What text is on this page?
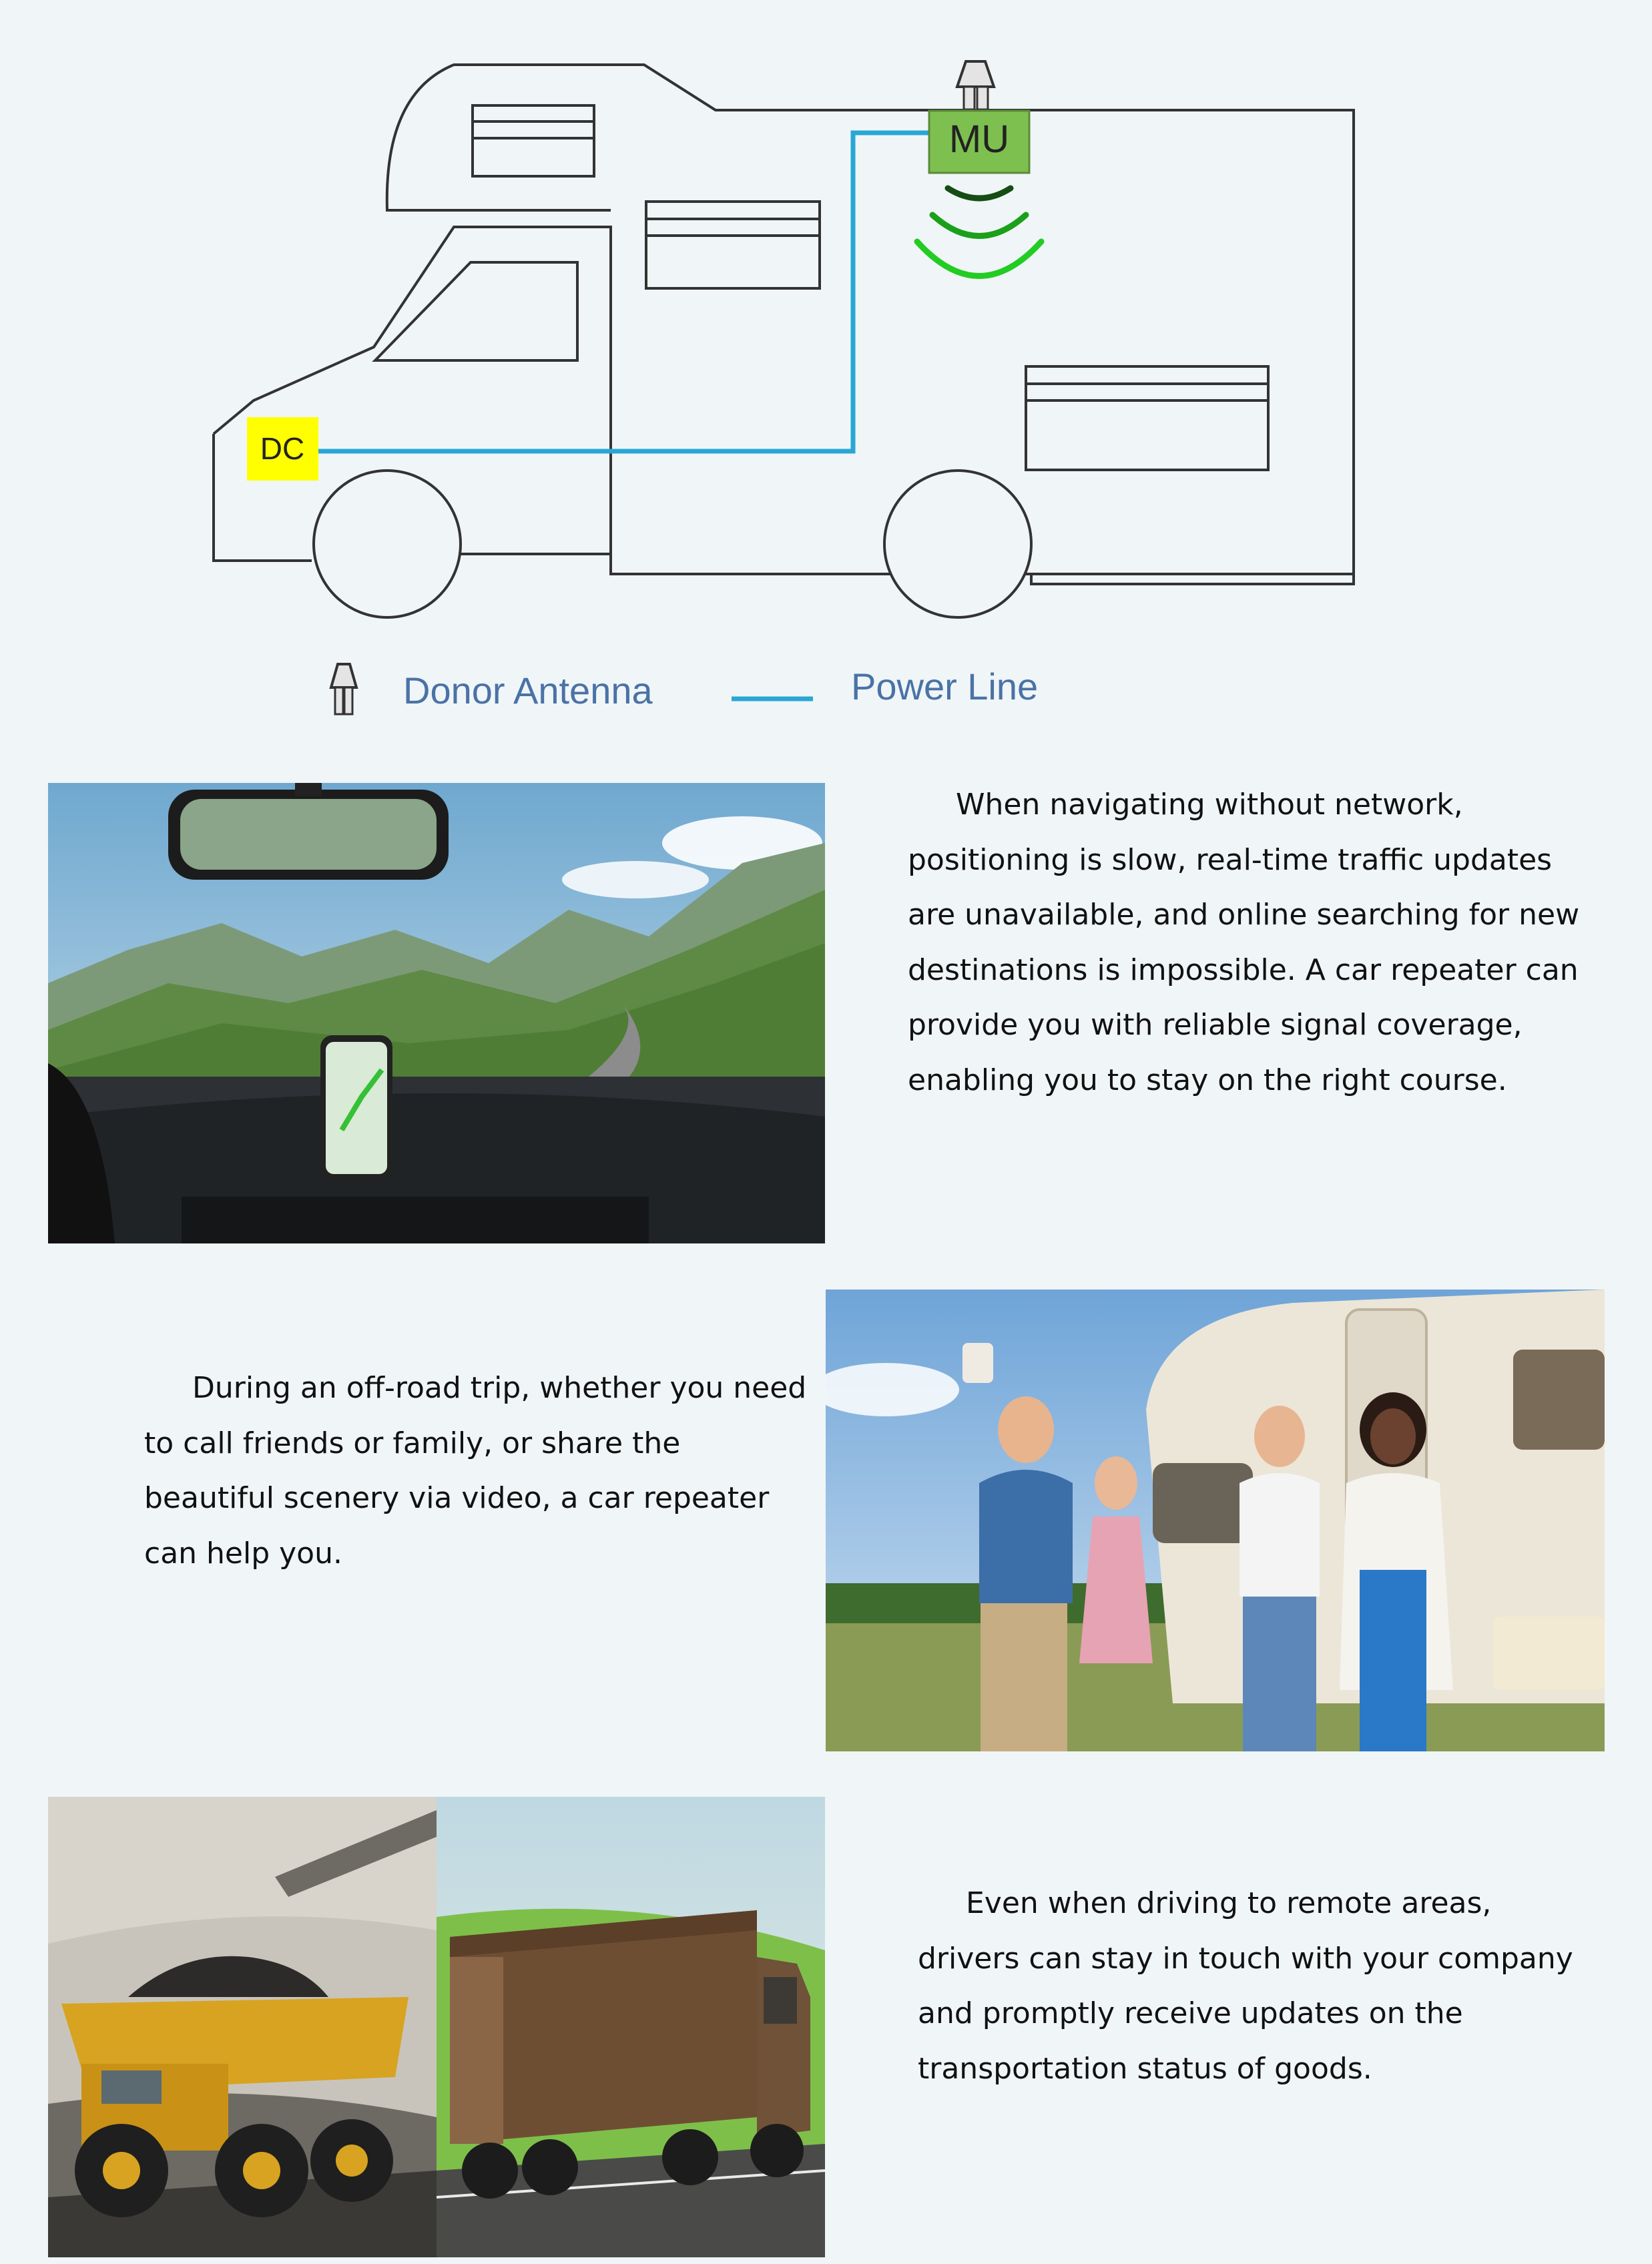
DC
MU
Donor Antenna	Power Line

When navigating without network, positioning is slow, real-time traffic updates are unavailable, and online searching for new destinations is impossible. A car repeater can provide you with reliable signal coverage, enabling you to stay on the right course.

During an off-road trip, whether you need to call friends or family, or share the beautiful scenery via video, a car repeater can help you.

Even when driving to remote areas, drivers can stay in touch with your company and promptly receive updates on the transportation status of goods.
